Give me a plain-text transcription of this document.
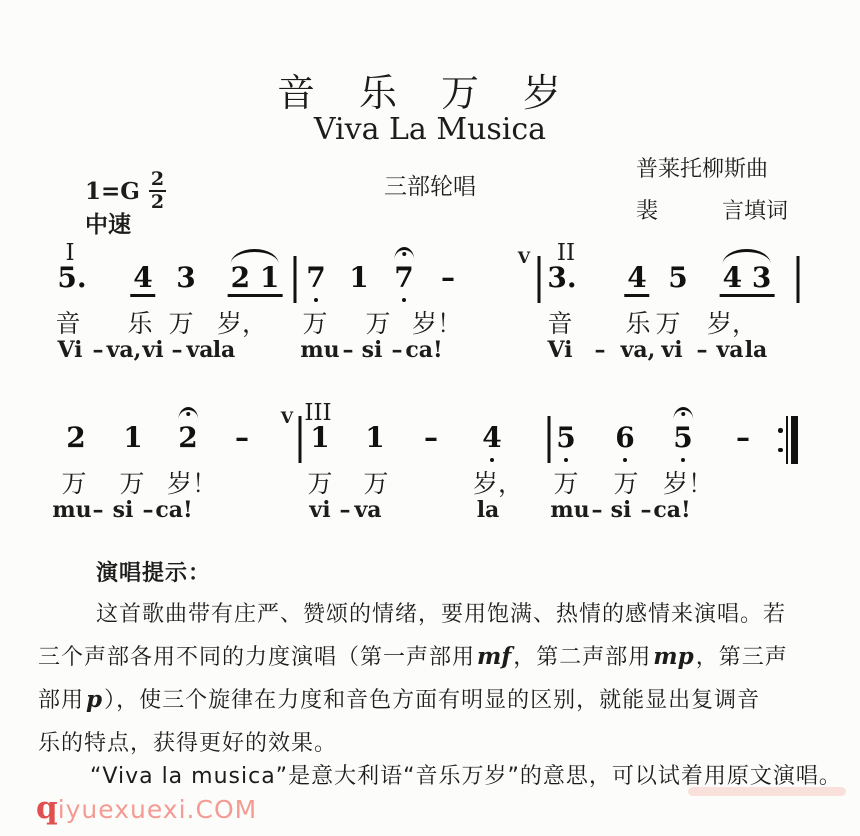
音乐万岁
Viva La Musica
$1=G \frac{2}{2}$
中速
三部轮唱
普莱托柳斯曲
裴	言填词
I	II
5. 4 3 2 1 7 1 7 –
V
3. 4 5 4 3
音 乐 万 岁， 万 万 岁！	音 乐 万 岁，
Vi – va, vi – va la	mu – si – ca!	Vi – va, vi – va la
III
2 1 2 –
V
1 1 – 4 5 6 5 –
万 万 岁！	万 万	岁， 万 万 岁！
mu – si – ca!	vi – va	la mu – si – ca!
演唱提示：
这首歌曲带有庄严、赞颂的情绪，要用饱满、热情的感情来演唱。若
三个声部各用不同的力度演唱（第一声部用mf，第二声部用mp，第三声
部用p），使三个旋律在力度和音色方面有明显的区别，就能显出复调音
乐的特点，获得更好的效果。
“Viva la musica”是意大利语“音乐万岁”的意思，可以试着用原文演唱。
qiyuexuexi.COM
